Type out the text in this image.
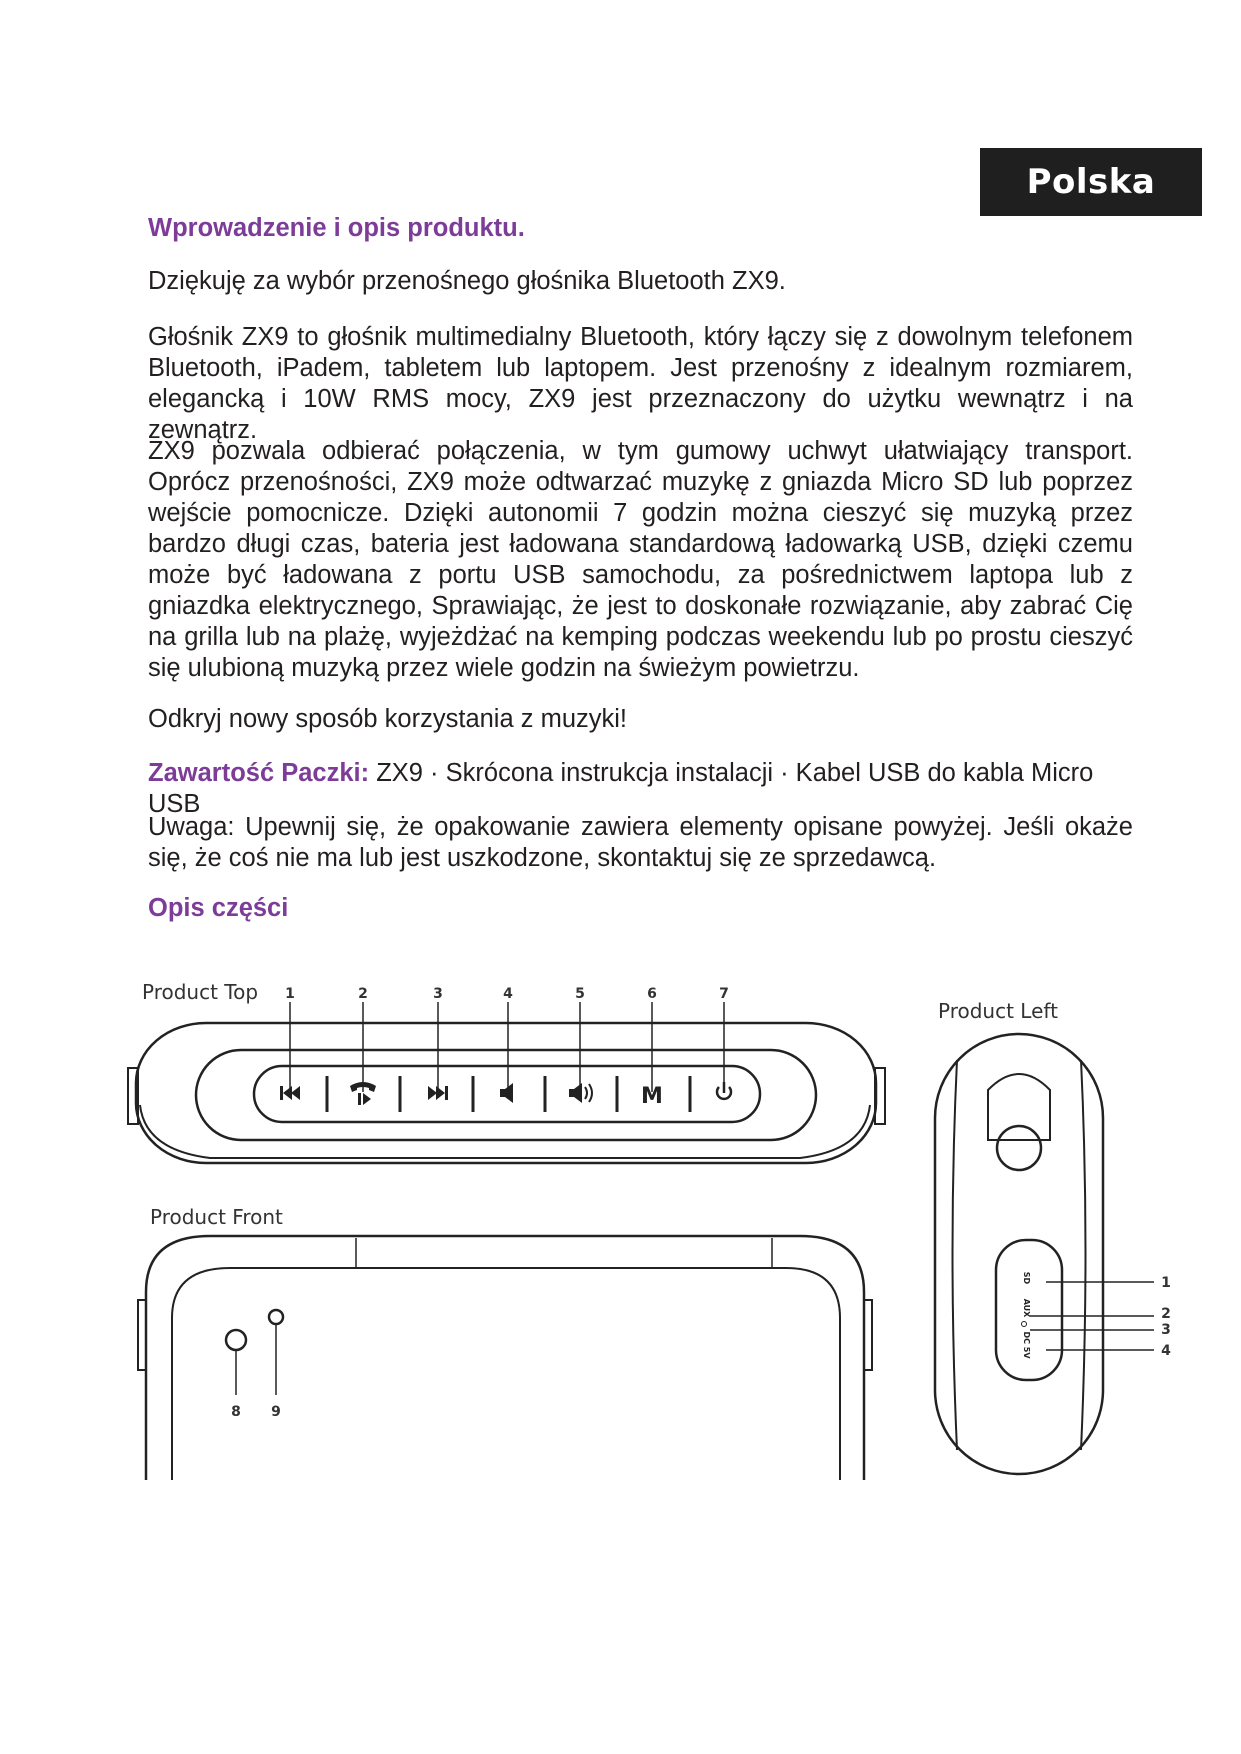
Polska
Wprowadzenie i opis produktu.
Dziękuję za wybór przenośnego głośnika Bluetooth ZX9.
Głośnik ZX9 to głośnik multimedialny Bluetooth, który łączy się z dowolnym telefonem Bluetooth, iPadem, tabletem lub laptopem. Jest przenośny z idealnym rozmiarem, elegancką i 10W RMS mocy, ZX9 jest przeznaczony do użytku wewnątrz i na zewnątrz.
ZX9 pozwala odbierać połączenia, w tym gumowy uchwyt ułatwiający transport. Oprócz przenośności, ZX9 może odtwarzać muzykę z gniazda Micro SD lub poprzez wejście pomocnicze. Dzięki autonomii 7 godzin można cieszyć się muzyką przez bardzo długi czas, bateria jest ładowana standardową ładowarką USB, dzięki czemu może być ładowana z portu USB samochodu, za pośrednictwem laptopa lub z gniazdka elektrycznego, Sprawiając, że jest to doskonałe rozwiązanie, aby zabrać Cię na grilla lub na plażę, wyjeżdżać na kemping podczas weekendu lub po prostu cieszyć się ulubioną muzyką przez wiele godzin na świeżym powietrzu.
Odkryj nowy sposób korzystania z muzyki!
Zawartość Paczki: ZX9 · Skrócona instrukcja instalacji · Kabel USB do kabla Micro USB
Uwaga: Upewnij się, że opakowanie zawiera elementy opisane powyżej. Jeśli okaże się, że coś nie ma lub jest uszkodzone, skontaktuj się ze sprzedawcą.
Opis części
M
1	2	3	4	5	6	7
Product Top
Product Front
8 9
Product Left
SD
AUX
DC 5V
1
2
3
4
